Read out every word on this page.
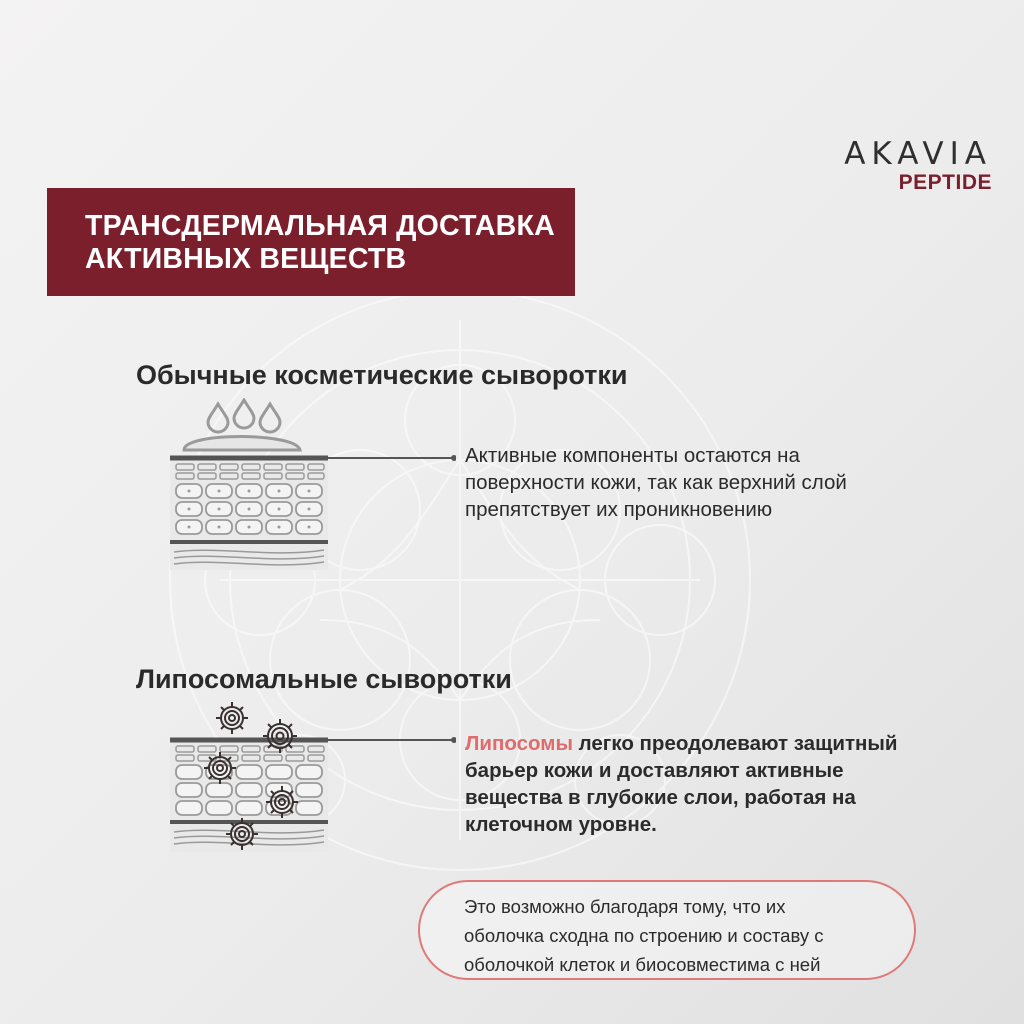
AKAVIA
PEPTIDE
ТРАНСДЕРМАЛЬНАЯ ДОСТАВКА
АКТИВНЫХ ВЕЩЕСТВ
Обычные косметические сыворотки
Активные компоненты остаются на
поверхности кожи, так как верхний слой
препятствует их проникновению
Липосомальные сыворотки
Липосомы легко преодолевают защитный
барьер кожи и доставляют активные
вещества в глубокие слои, работая на
клеточном уровне.
Это возможно благодаря тому, что их
оболочка сходна по строению и составу с
оболочкой клеток и биосовместима с ней
